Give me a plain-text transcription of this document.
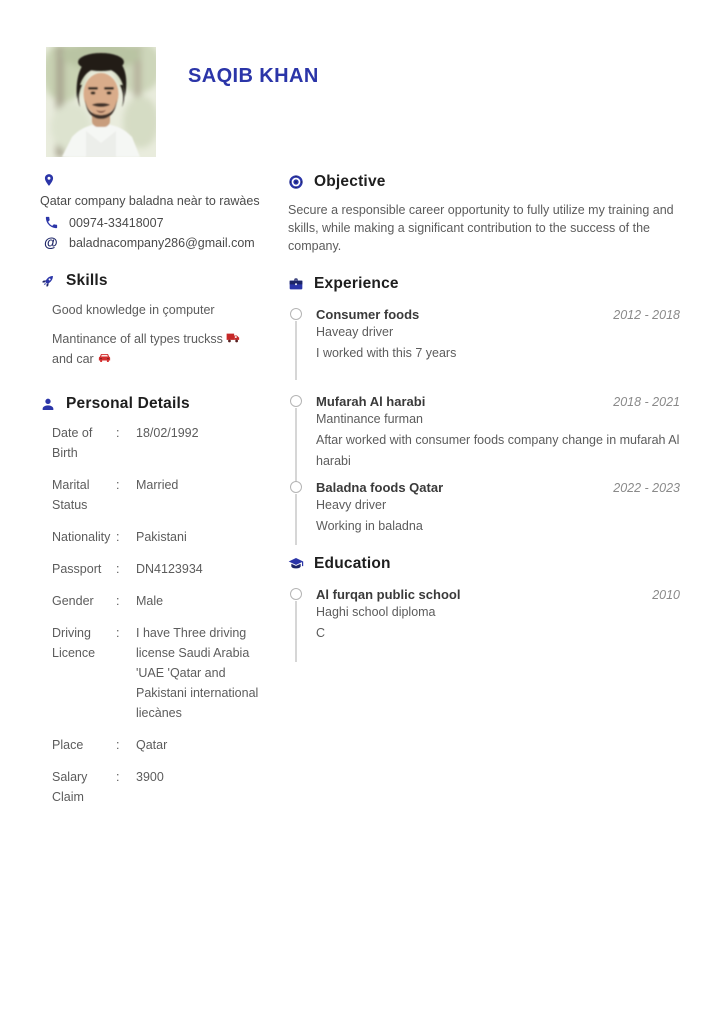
SAQIB KHAN
Qatar company baladna neàr to rawàes
00974-33418007
@ baladnacompany286@gmail.com
Skills
Good knowledge in çomputer
Mantinance of all types truckss
and car
Personal Details
Date of Birth
:	18/02/1992
Marital Status
:	Married
Nationality :	Pakistani
Passport	:	DN4123934
Gender	:	Male
Driving Licence
:	I have Three driving license Saudi Arabia 'UAE 'Qatar and Pakistani international liecànes
Place	:	Qatar
Salary Claim
:	3900
Objective

Secure a responsible career opportunity to fully utilize my training and skills, while making a significant contribution to the success of the company.

Experience
Consumer foods	2012 - 2018
Haveay driver
I worked with this 7 years
Mufarah Al harabi	2018 - 2021
Mantinance furman
Aftar worked with consumer foods company change in mufarah Al harabi
Baladna foods Qatar	2022 - 2023
Heavy driver
Working in baladna
Education
Al furqan public school	2010
Haghi school diploma
C
